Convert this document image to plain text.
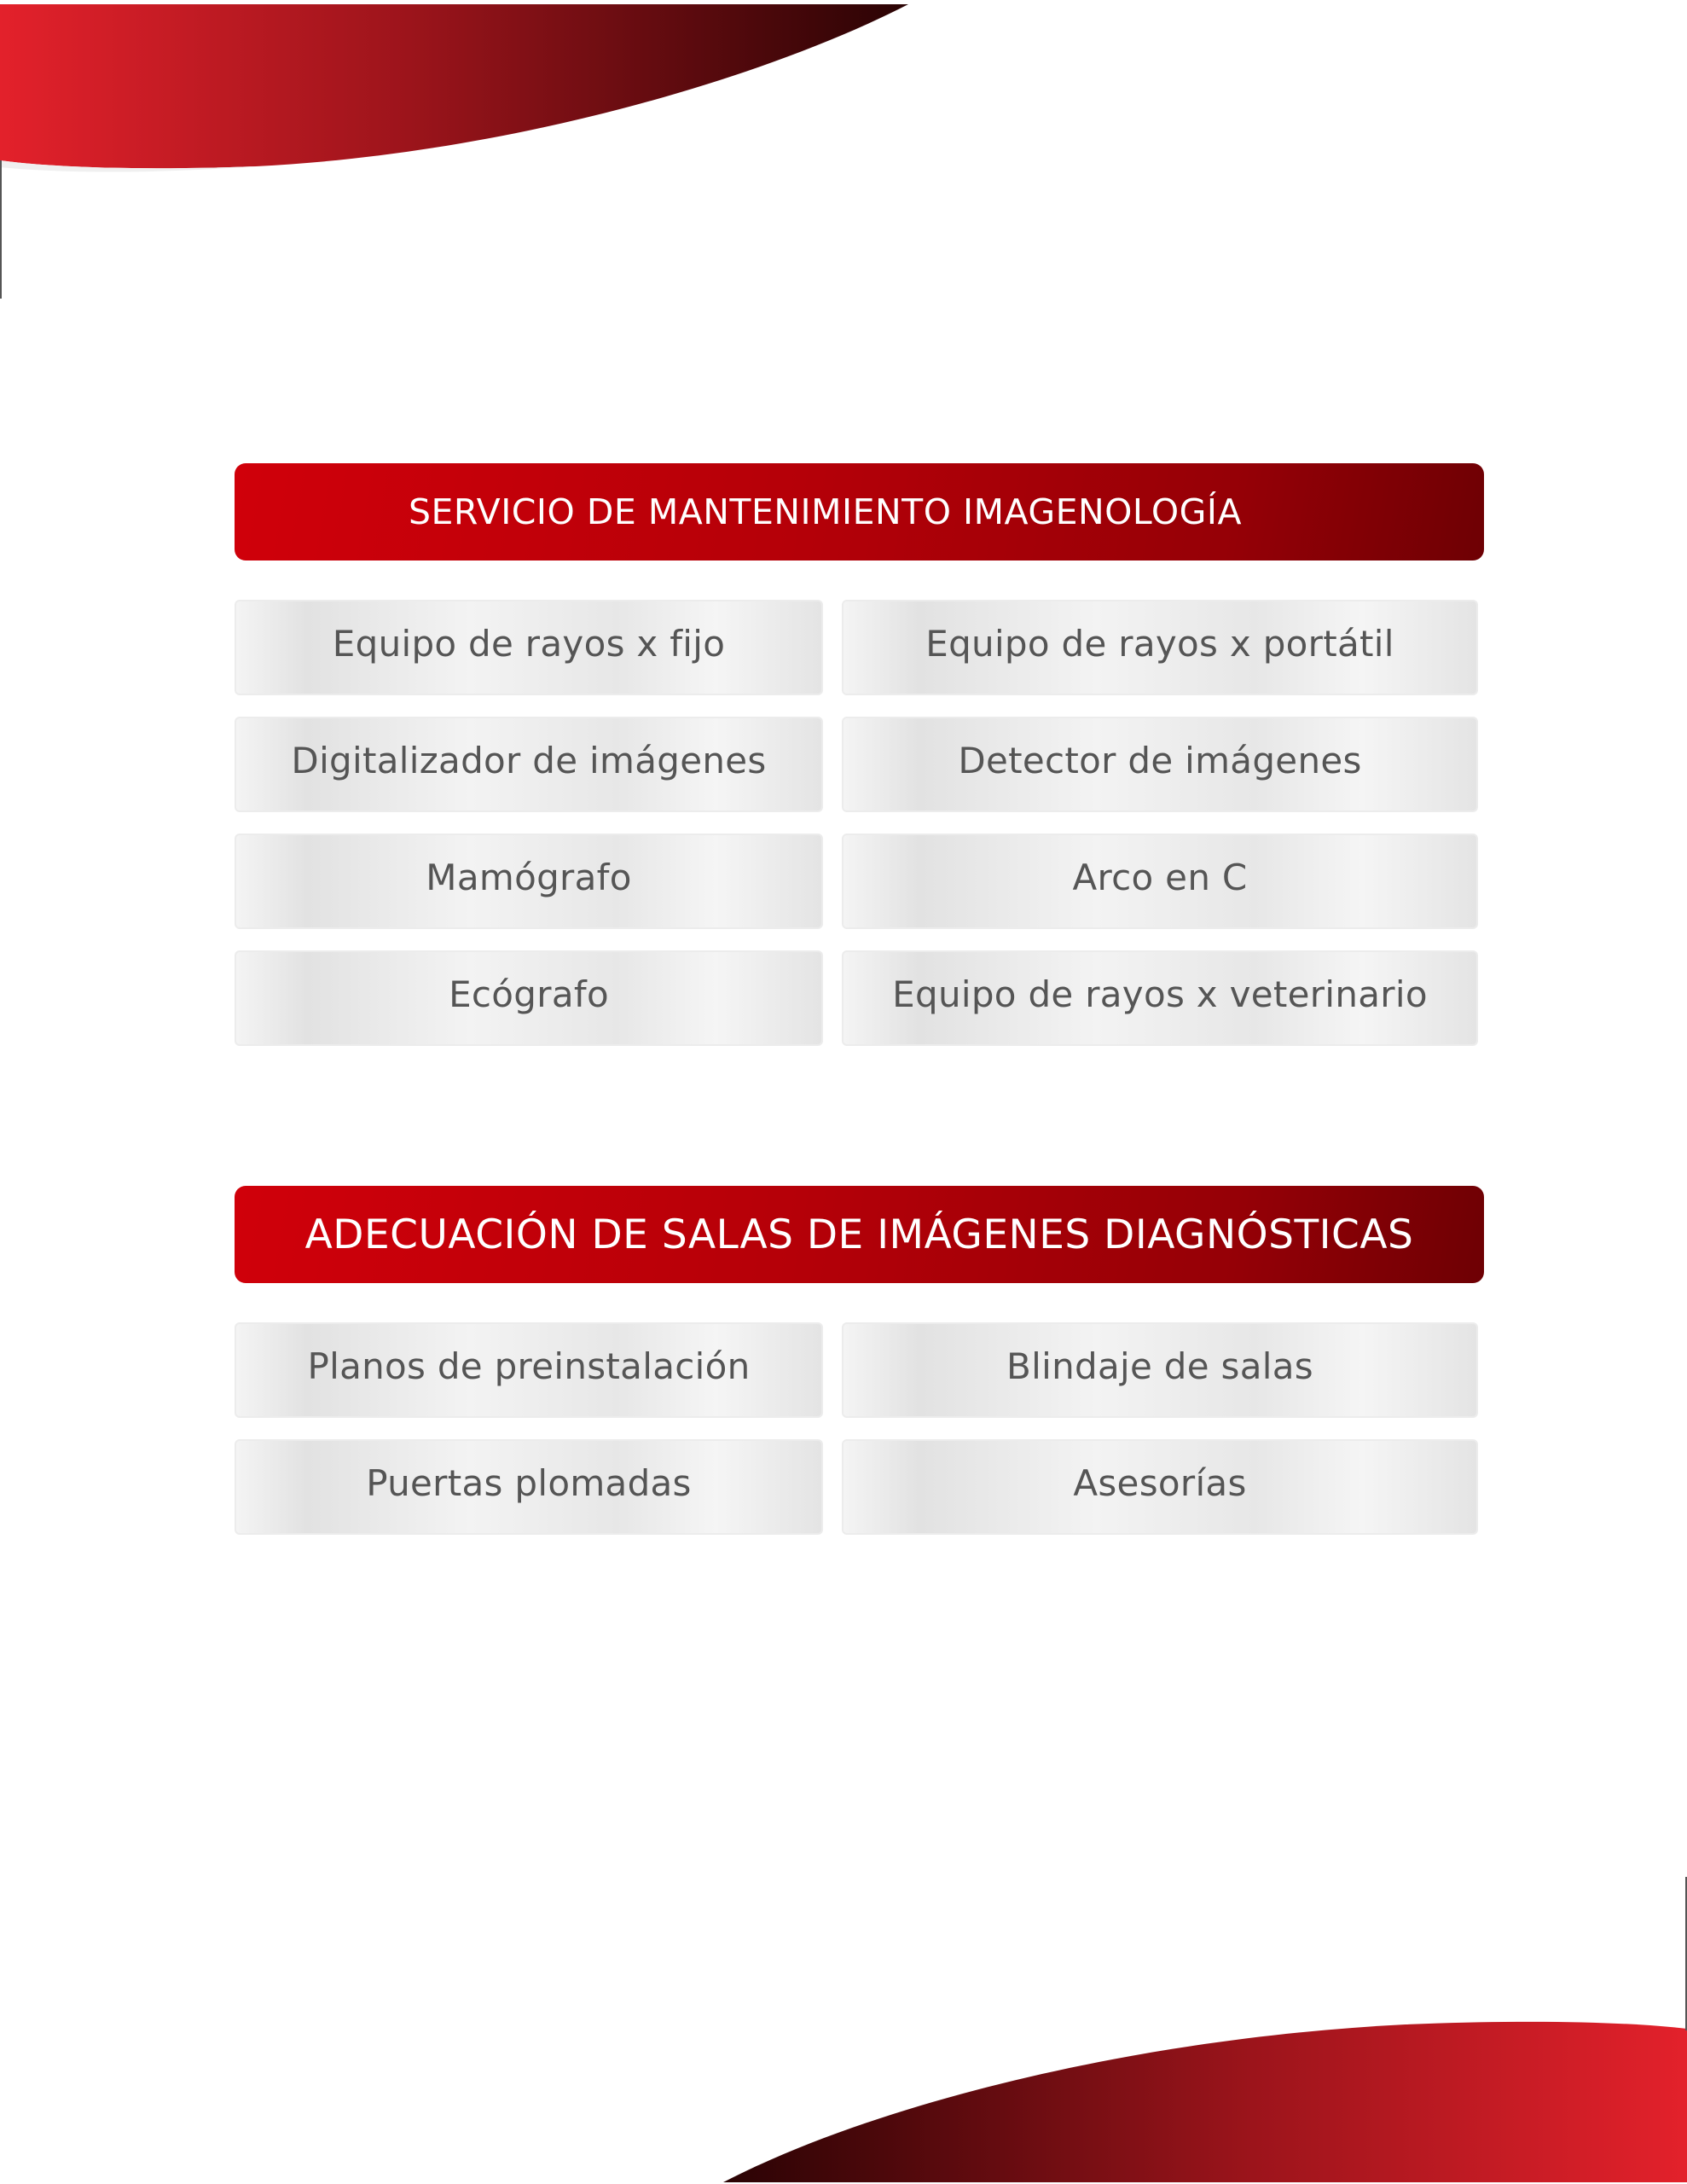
SERVICIO DE MANTENIMIENTO IMAGENOLOGÍA
Equipo de rayos x fijo	Equipo de rayos x portátil
Digitalizador de imágenes	Detector de imágenes
Mamógrafo	Arco en C
Ecógrafo	Equipo de rayos x veterinario
ADECUACIÓN DE SALAS DE IMÁGENES DIAGNÓSTICAS
Planos de preinstalación	Blindaje de salas
Puertas plomadas	Asesorías
